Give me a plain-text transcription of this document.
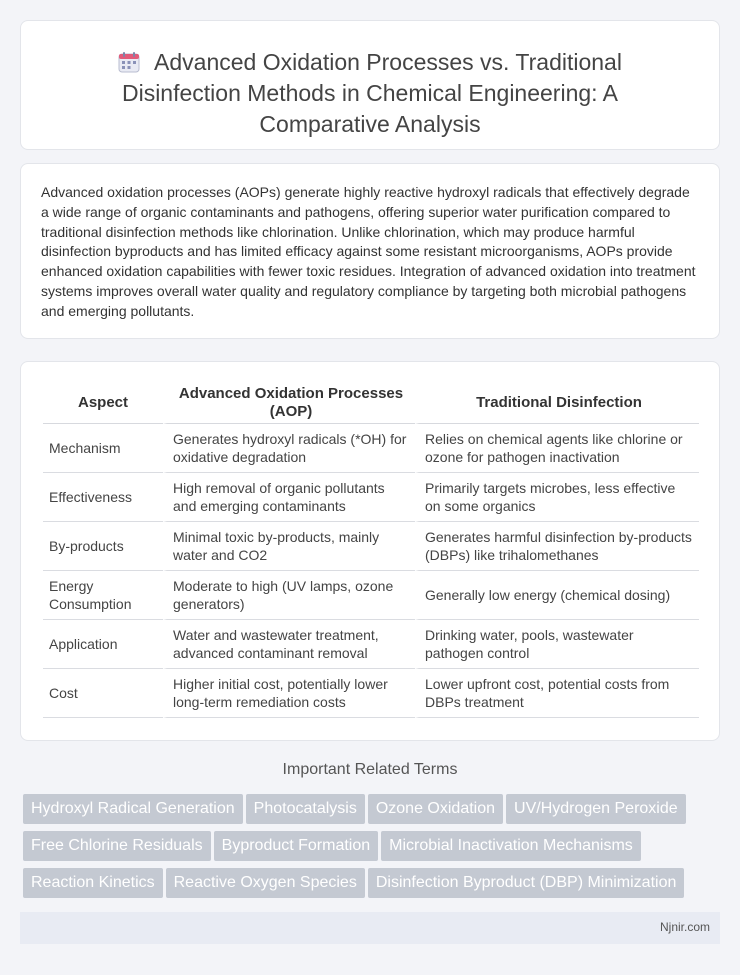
Advanced Oxidation Processes vs. Traditional Disinfection Methods in Chemical Engineering: A Comparative Analysis

Advanced oxidation processes (AOPs) generate highly reactive hydroxyl radicals that effectively degrade a wide range of organic contaminants and pathogens, offering superior water purification compared to traditional disinfection methods like chlorination. Unlike chlorination, which may produce harmful disinfection byproducts and has limited efficacy against some resistant microorganisms, AOPs provide enhanced oxidation capabilities with fewer toxic residues. Integration of advanced oxidation into treatment systems improves overall water quality and regulatory compliance by targeting both microbial pathogens and emerging pollutants.

Aspect	Advanced Oxidation Processes (AOP)	Traditional Disinfection
Mechanism	Generates hydroxyl radicals (*OH) for oxidative degradation	Relies on chemical agents like chlorine or ozone for pathogen inactivation
Effectiveness	High removal of organic pollutants and emerging contaminants	Primarily targets microbes, less effective on some organics
By-products	Minimal toxic by-products, mainly water and CO2	Generates harmful disinfection by-products (DBPs) like trihalomethanes
Energy Consumption	Moderate to high (UV lamps, ozone generators)	Generally low energy (chemical dosing)
Application	Water and wastewater treatment, advanced contaminant removal	Drinking water, pools, wastewater pathogen control
Cost	Higher initial cost, potentially lower long-term remediation costs	Lower upfront cost, potential costs from DBPs treatment
Important Related Terms
Hydroxyl Radical Generation Photocatalysis Ozone Oxidation UV/Hydrogen Peroxide
Free Chlorine Residuals Byproduct Formation Microbial Inactivation Mechanisms
Reaction Kinetics Reactive Oxygen Species Disinfection Byproduct (DBP) Minimization
Njnir.com
